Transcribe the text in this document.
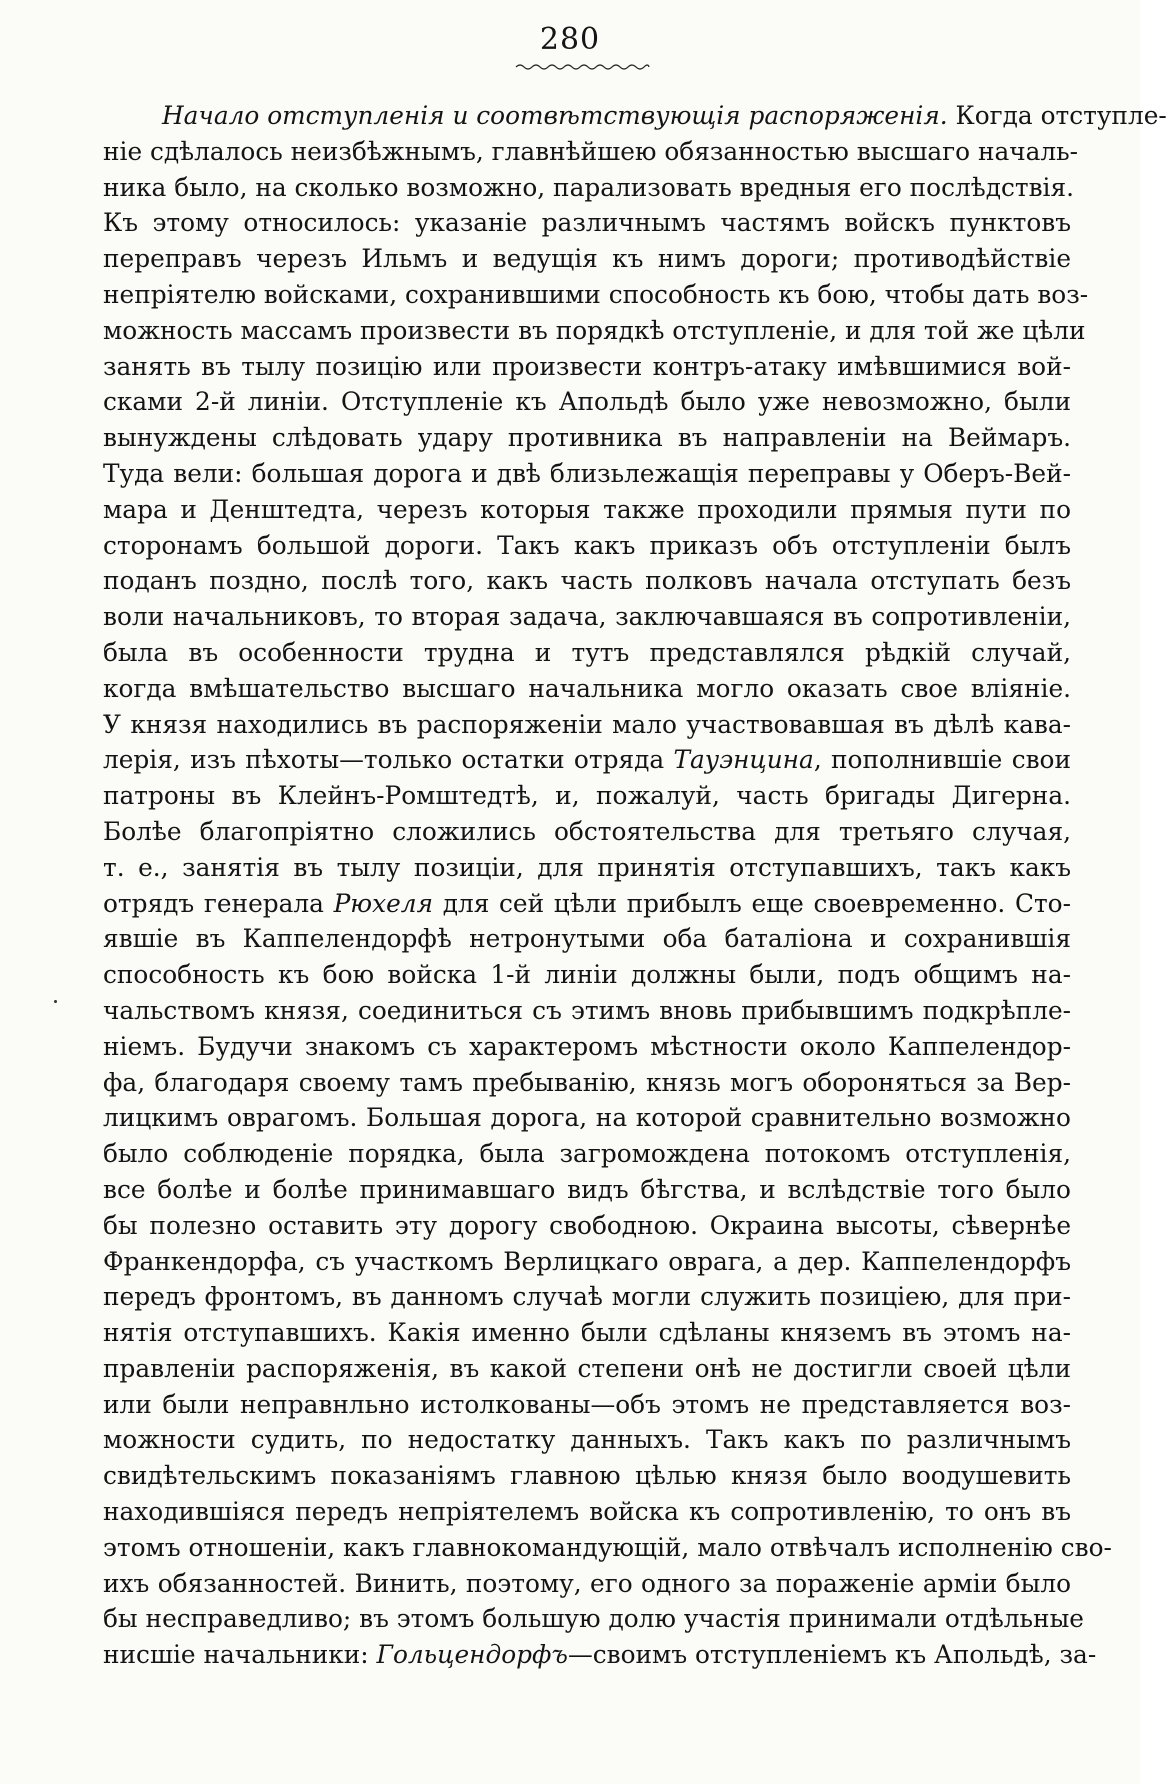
280
Начало отступленія и соотвѣтствующія распоряженія. Когда отступле-
ніе сдѣлалось неизбѣжнымъ, главнѣйшею обязанностью высшаго началь-
ника было, на сколько возможно, парализовать вредныя его послѣдствія.
Къ этому относилось: указаніе различнымъ частямъ войскъ пунктовъ
переправъ черезъ Ильмъ и ведущія къ нимъ дороги; противодѣйствіе
непріятелю войсками, сохранившими способность къ бою, чтобы дать воз-
можность массамъ произвести въ порядкѣ отступленіе, и для той же цѣли
занять въ тылу позицію или произвести контръ-атаку имѣвшимися вой-
сками 2-й линіи. Отступленіе къ Апольдѣ было уже невозможно, были
вынуждены слѣдовать удару противника въ направленіи на Веймаръ.
Туда вели: большая дорога и двѣ близьлежащія переправы у Оберъ-Вей-
мара и Денштедта, черезъ которыя также проходили прямыя пути по
сторонамъ большой дороги. Такъ какъ приказъ объ отступленіи былъ
поданъ поздно, послѣ того, какъ часть полковъ начала отступать безъ
воли начальниковъ, то вторая задача, заключавшаяся въ сопротивленіи,
была въ особенности трудна и тутъ представлялся рѣдкій случай,
когда вмѣшательство высшаго начальника могло оказать свое вліяніе.
У князя находились въ распоряженіи мало участвовавшая въ дѣлѣ кава-
лерія, изъ пѣхоты—только остатки отряда Тауэнцина, пополнившіе свои
патроны въ Клейнъ-Ромштедтѣ, и, пожалуй, часть бригады Дигерна.
Болѣе благопріятно сложились обстоятельства для третьяго случая,
т. е., занятія въ тылу позиціи, для принятія отступавшихъ, такъ какъ
отрядъ генерала Рюхеля для сей цѣли прибылъ еще своевременно. Сто-
явшіе въ Каппелендорфѣ нетронутыми оба баталіона и сохранившія
способность къ бою войска 1-й линіи должны были, подъ общимъ на-
чальствомъ князя, соединиться съ этимъ вновь прибывшимъ подкрѣпле-
ніемъ. Будучи знакомъ съ характеромъ мѣстности около Каппелендор-
фа, благодаря своему тамъ пребыванію, князь могъ обороняться за Вер-
лицкимъ оврагомъ. Большая дорога, на которой сравнительно возможно
было соблюденіе порядка, была загромождена потокомъ отступленія,
все болѣе и болѣе принимавшаго видъ бѣгства, и вслѣдствіе того было
бы полезно оставить эту дорогу свободною. Окраина высоты, сѣвернѣе
Франкендорфа, съ участкомъ Верлицкаго оврага, а дер. Каппелендорфъ
передъ фронтомъ, въ данномъ случаѣ могли служить позиціею, для при-
нятія отступавшихъ. Какія именно были сдѣланы княземъ въ этомъ на-
правленіи распоряженія, въ какой степени онѣ не достигли своей цѣли
или были неправнльно истолкованы—объ этомъ не представляется воз-
можности судить, по недостатку данныхъ. Такъ какъ по различнымъ
свидѣтельскимъ показаніямъ главною цѣлью князя было воодушевить
находившіяся передъ непріятелемъ войска къ сопротивленію, то онъ въ
этомъ отношеніи, какъ главнокомандующій, мало отвѣчалъ исполненію сво-
ихъ обязанностей. Винить, поэтому, его одного за пораженіе арміи было
бы несправедливо; въ этомъ большую долю участія принимали отдѣльные
нисшіе начальники: Гольцендорфъ—своимъ отступленіемъ къ Апольдѣ, за-
